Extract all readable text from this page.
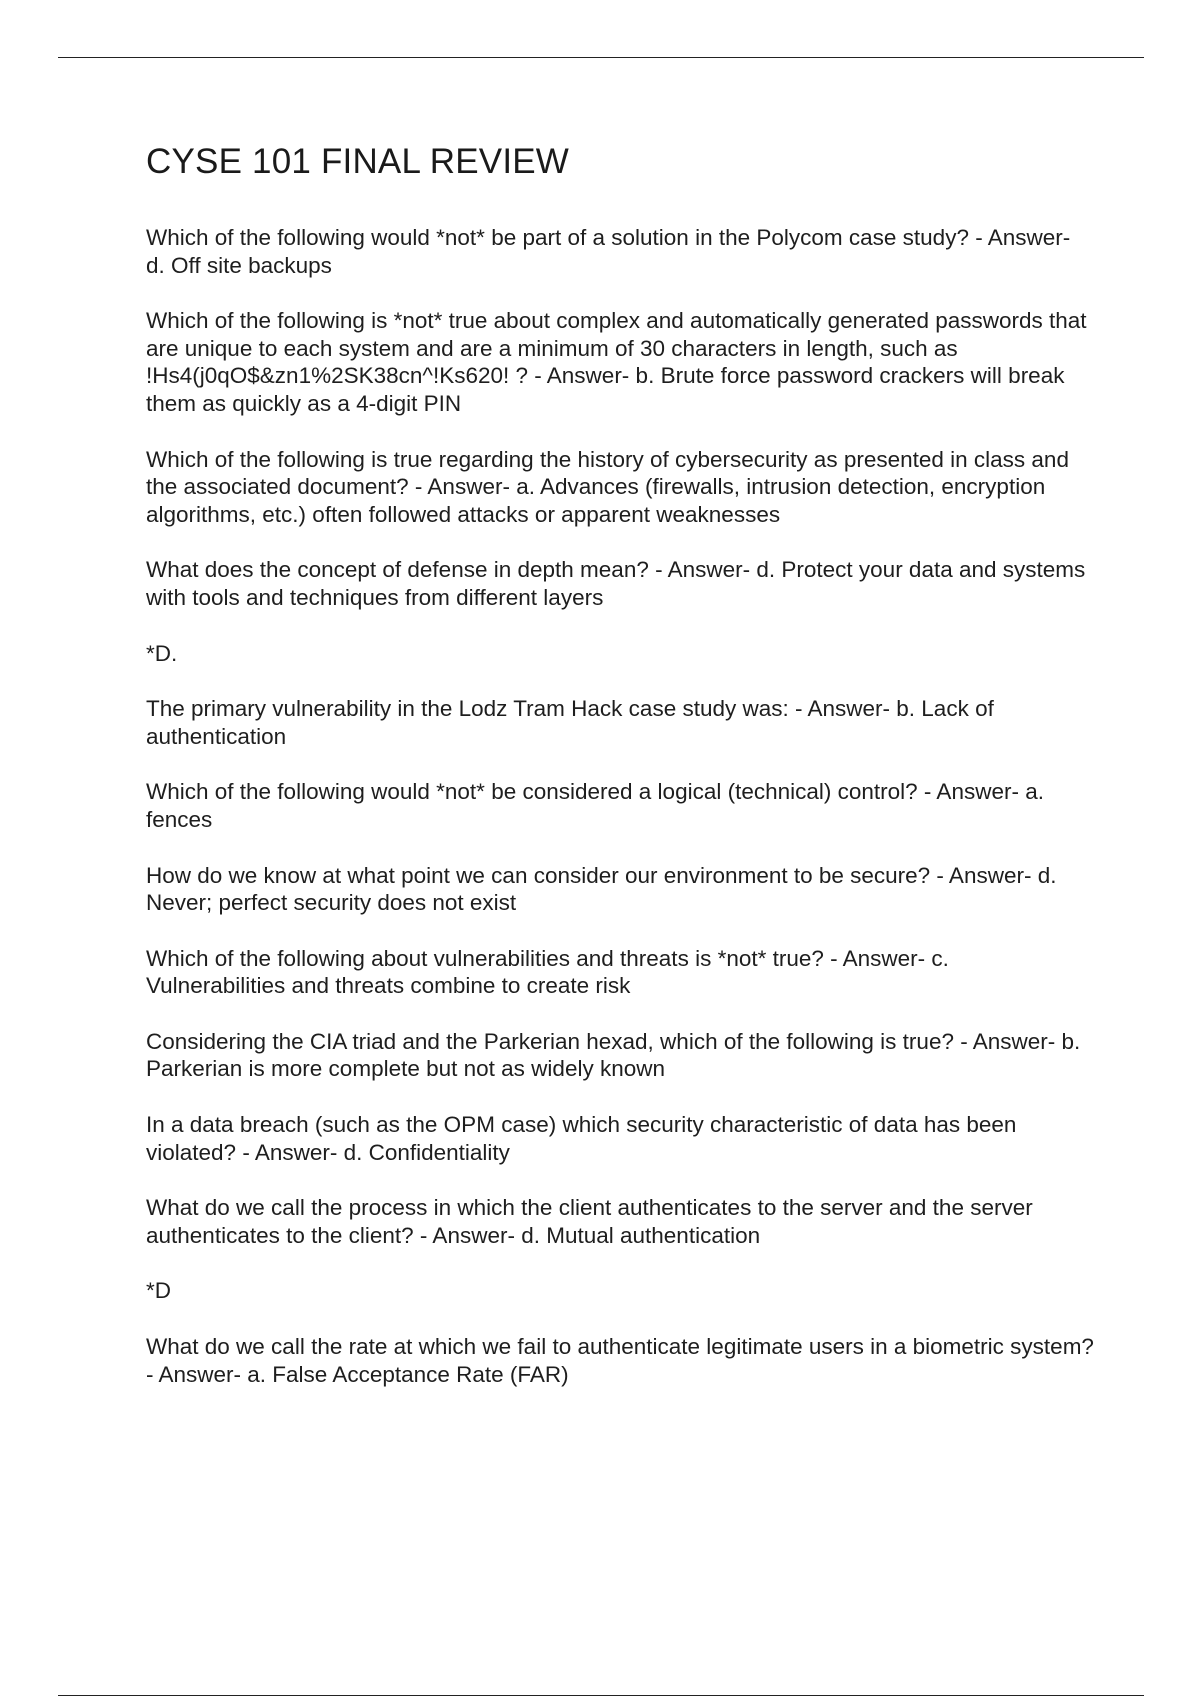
CYSE 101 FINAL REVIEW

Which of the following would *not* be part of a solution in the Polycom case study? - Answer- d. Off site backups

Which of the following is *not* true about complex and automatically generated passwords that are unique to each system and are a minimum of 30 characters in length, such as !Hs4(j0qO$&zn1%2SK38cn^!Ks620! ? - Answer- b. Brute force password crackers will break them as quickly as a 4-digit PIN

Which of the following is true regarding the history of cybersecurity as presented in class and the associated document? - Answer- a. Advances (firewalls, intrusion detection, encryption algorithms, etc.) often followed attacks or apparent weaknesses

What does the concept of defense in depth mean? - Answer- d. Protect your data and systems with tools and techniques from different layers

*D.

The primary vulnerability in the Lodz Tram Hack case study was: - Answer- b. Lack of authentication

Which of the following would *not* be considered a logical (technical) control? - Answer- a. fences

How do we know at what point we can consider our environment to be secure? - Answer- d. Never; perfect security does not exist

Which of the following about vulnerabilities and threats is *not* true? - Answer- c. Vulnerabilities and threats combine to create risk

Considering the CIA triad and the Parkerian hexad, which of the following is true? - Answer- b. Parkerian is more complete but not as widely known

In a data breach (such as the OPM case) which security characteristic of data has been violated? - Answer- d. Confidentiality

What do we call the process in which the client authenticates to the server and the server authenticates to the client? - Answer- d. Mutual authentication

*D

What do we call the rate at which we fail to authenticate legitimate users in a biometric system? - Answer- a. False Acceptance Rate (FAR)
